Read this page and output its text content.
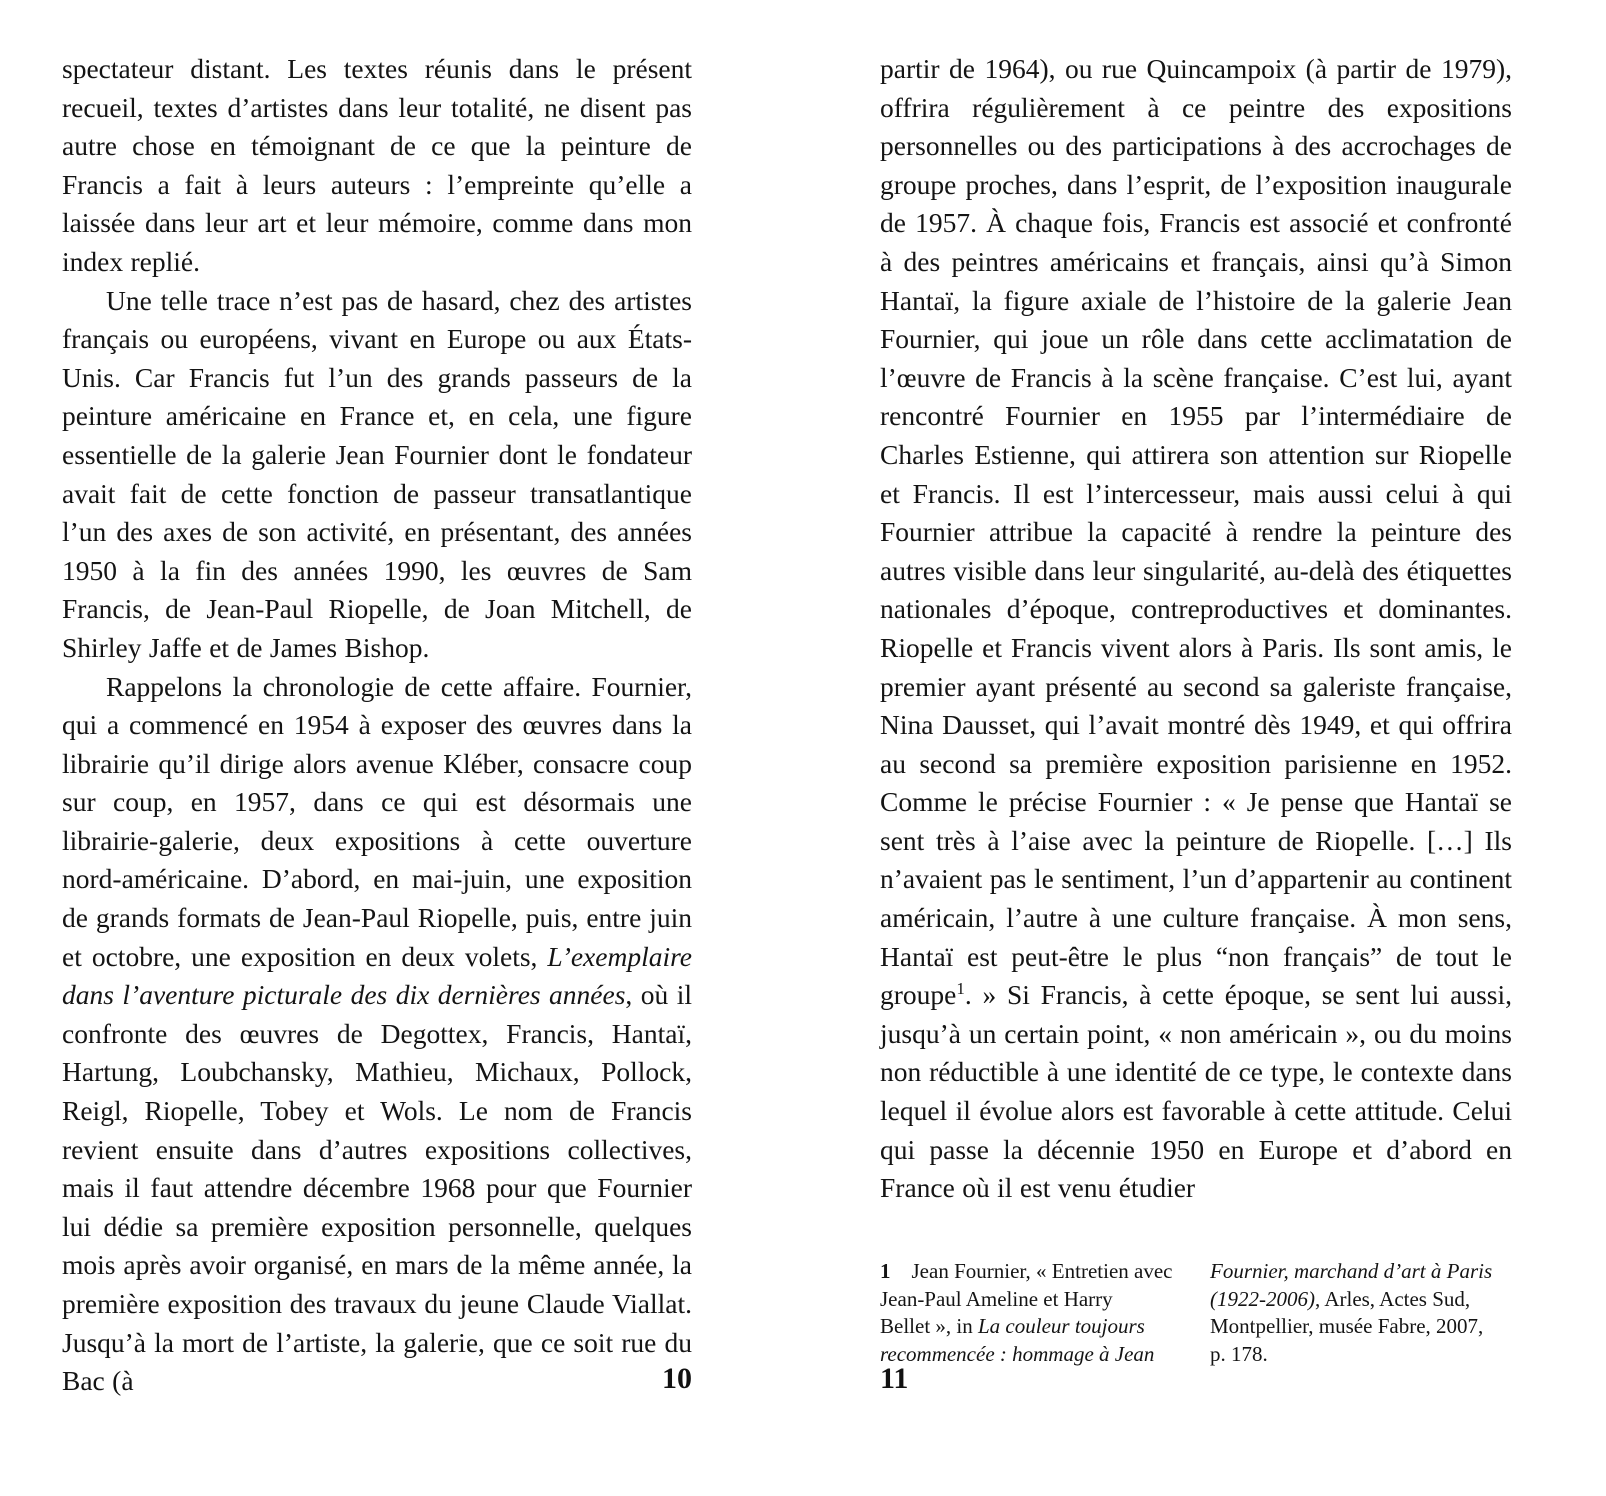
spectateur distant. Les textes réunis dans le présent recueil, textes d’artistes dans leur totalité, ne disent pas autre chose en témoignant de ce que la peinture de Francis a fait à leurs auteurs : l’empreinte qu’elle a laissée dans leur art et leur mémoire, comme dans mon index replié.

Une telle trace n’est pas de hasard, chez des artistes français ou européens, vivant en Europe ou aux États-Unis. Car Francis fut l’un des grands passeurs de la peinture américaine en France et, en cela, une figure essentielle de la galerie Jean Fournier dont le fondateur avait fait de cette fonction de passeur transatlantique l’un des axes de son activité, en présentant, des années 1950 à la fin des années 1990, les œuvres de Sam Francis, de Jean-Paul Riopelle, de Joan Mitchell, de Shirley Jaffe et de James Bishop.

Rappelons la chronologie de cette affaire. Fournier, qui a commencé en 1954 à exposer des œuvres dans la librairie qu’il dirige alors avenue Kléber, consacre coup sur coup, en 1957, dans ce qui est désormais une librairie-galerie, deux expositions à cette ouverture nord-américaine. D’abord, en mai-juin, une exposition de grands formats de Jean-Paul Riopelle, puis, entre juin et octobre, une exposition en deux volets, L’exemplaire dans l’aventure picturale des dix dernières années, où il confronte des œuvres de Degottex, Francis, Hantaï, Hartung, Loubchansky, Mathieu, Michaux, Pollock, Reigl, Riopelle, Tobey et Wols. Le nom de Francis revient ensuite dans d’autres expositions collectives, mais il faut attendre décembre 1968 pour que Fournier lui dédie sa première exposition personnelle, quelques mois après avoir organisé, en mars de la même année, la première exposition des travaux du jeune Claude Viallat. Jusqu’à la mort de l’artiste, la galerie, que ce soit rue du Bac (à	10

partir de 1964), ou rue Quincampoix (à partir de 1979), offrira régulièrement à ce peintre des expositions personnelles ou des participations à des accrochages de groupe proches, dans l’esprit, de l’exposition inaugurale de 1957. À chaque fois, Francis est associé et confronté à des peintres américains et français, ainsi qu’à Simon Hantaï, la figure axiale de l’histoire de la galerie Jean Fournier, qui joue un rôle dans cette acclimatation de l’œuvre de Francis à la scène française. C’est lui, ayant rencontré Fournier en 1955 par l’intermédiaire de Charles Estienne, qui attirera son attention sur Riopelle et Francis. Il est l’intercesseur, mais aussi celui à qui Fournier attribue la capacité à rendre la peinture des autres visible dans leur singularité, au-delà des étiquettes nationales d’époque, contreproductives et dominantes. Riopelle et Francis vivent alors à Paris. Ils sont amis, le premier ayant présenté au second sa galeriste française, Nina Dausset, qui l’avait montré dès 1949, et qui offrira au second sa première exposition parisienne en 1952. Comme le précise Fournier : « Je pense que Hantaï se sent très à l’aise avec la peinture de Riopelle. […] Ils n’avaient pas le sentiment, l’un d’appartenir au continent américain, l’autre à une culture française. À mon sens, Hantaï est peut-être le plus “non français” de tout le groupe$^1$. » Si Francis, à cette époque, se sent lui aussi, jusqu’à un certain point, « non américain », ou du moins non réductible à une identité de ce type, le contexte dans lequel il évolue alors est favorable à cette attitude. Celui qui passe la décennie 1950 en Europe et d’abord en France où il est venu étudier

1  Jean Fournier, « Entretien avec Jean-Paul Ameline et Harry Bellet », in La couleur toujours recommencée : hommage à Jean

Fournier, marchand d’art à Paris (1922-2006), Arles, Actes Sud, Montpellier, musée Fabre, 2007, p. 178.

11
